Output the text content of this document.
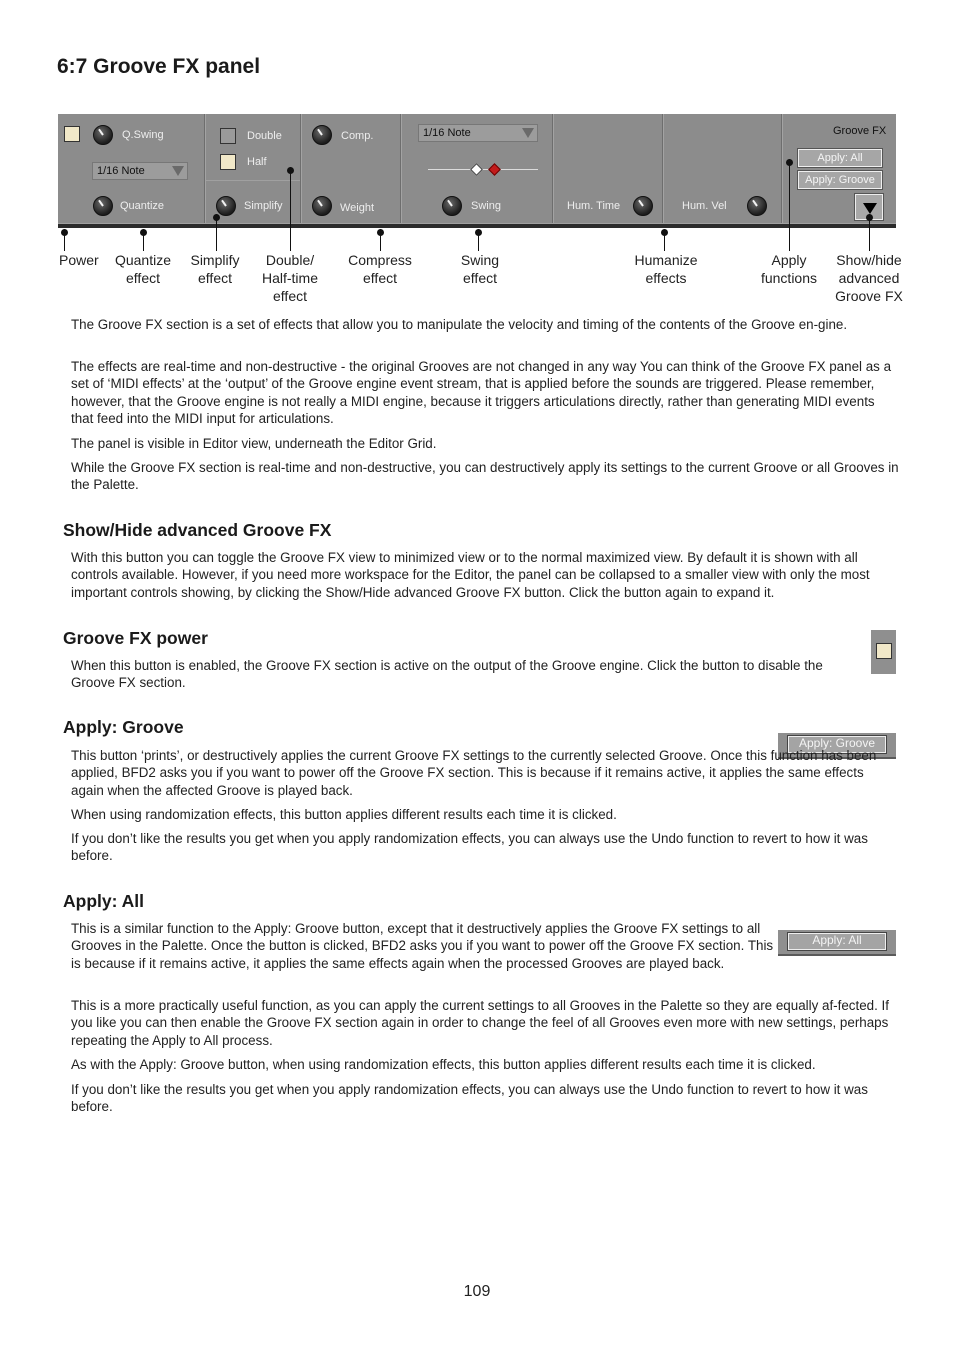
6:7 Groove FX panel
Q.Swing
1/16 Note
Quantize
Double
Half
Simplify
Comp.
Weight
1/16 Note
Swing	Hum. Time	Hum. Vel
Groove FX
Apply: All
Apply: Groove
Power	Quantize
effect
Simplify
effect
Double/
Half-time
effect
Compress
effect
Swing
effect
Humanize
effects
Apply
functions
Show/hide
advanced
Groove FX

The Groove FX section is a set of effects that allow you to manipulate the velocity and timing of the contents of the Groove en-gine.

The effects are real-time and non-destructive - the original Grooves are not changed in any way You can think of the Groove FX panel as a set of ‘MIDI effects’ at the ‘output’ of the Groove engine event stream, that is applied before the sounds are triggered. Please remember, however, that the Groove engine is not really a MIDI engine, because it triggers articulations directly, rather than generating MIDI events that feed into the MIDI input for articulations.

The panel is visible in Editor view, underneath the Editor Grid.

While the Groove FX section is real-time and non-destructive, you can destructively apply its settings to the current Groove or all Grooves in the Palette.

Show/Hide advanced Groove FX

With this button you can toggle the Groove FX view to minimized view or to the normal maximized view. By default it is shown with all controls available. However, if you need more workspace for the Editor, the panel can be collapsed to a smaller view with only the most important controls showing, by clicking the Show/Hide advanced Groove FX button. Click the button again to expand it.

Groove FX power

When this button is enabled, the Groove FX section is active on the output of the Groove engine. Click the button to disable the Groove FX section.

Apply: Groove
Apply: Groove

This button ‘prints’, or destructively applies the current Groove FX settings to the currently selected Groove. Once this function has been applied, BFD2 asks you if you want to power off the Groove FX section. This is because if it remains active, it applies the same effects again when the affected Groove is played back.

When using randomization effects, this button applies different results each time it is clicked.

If you don’t like the results you get when you apply randomization effects, you can always use the Undo function to revert to how it was before.

Apply: All

This is a similar function to the Apply: Groove button, except that it destructively applies the Groove FX settings to all Grooves in the Palette. Once the button is clicked, BFD2 asks you if you want to power off the Groove FX section. This is because if it remains active, it applies the same effects again when the processed Grooves are played back.

Apply: All

This is a more practically useful function, as you can apply the current settings to all Grooves in the Palette so they are equally af-fected. If you like you can then enable the Groove FX section again in order to change the feel of all Grooves even more with new settings, perhaps repeating the Apply to All process.

As with the Apply: Groove button, when using randomization effects, this button applies different results each time it is clicked.

If you don’t like the results you get when you apply randomization effects, you can always use the Undo function to revert to how it was before.

109
